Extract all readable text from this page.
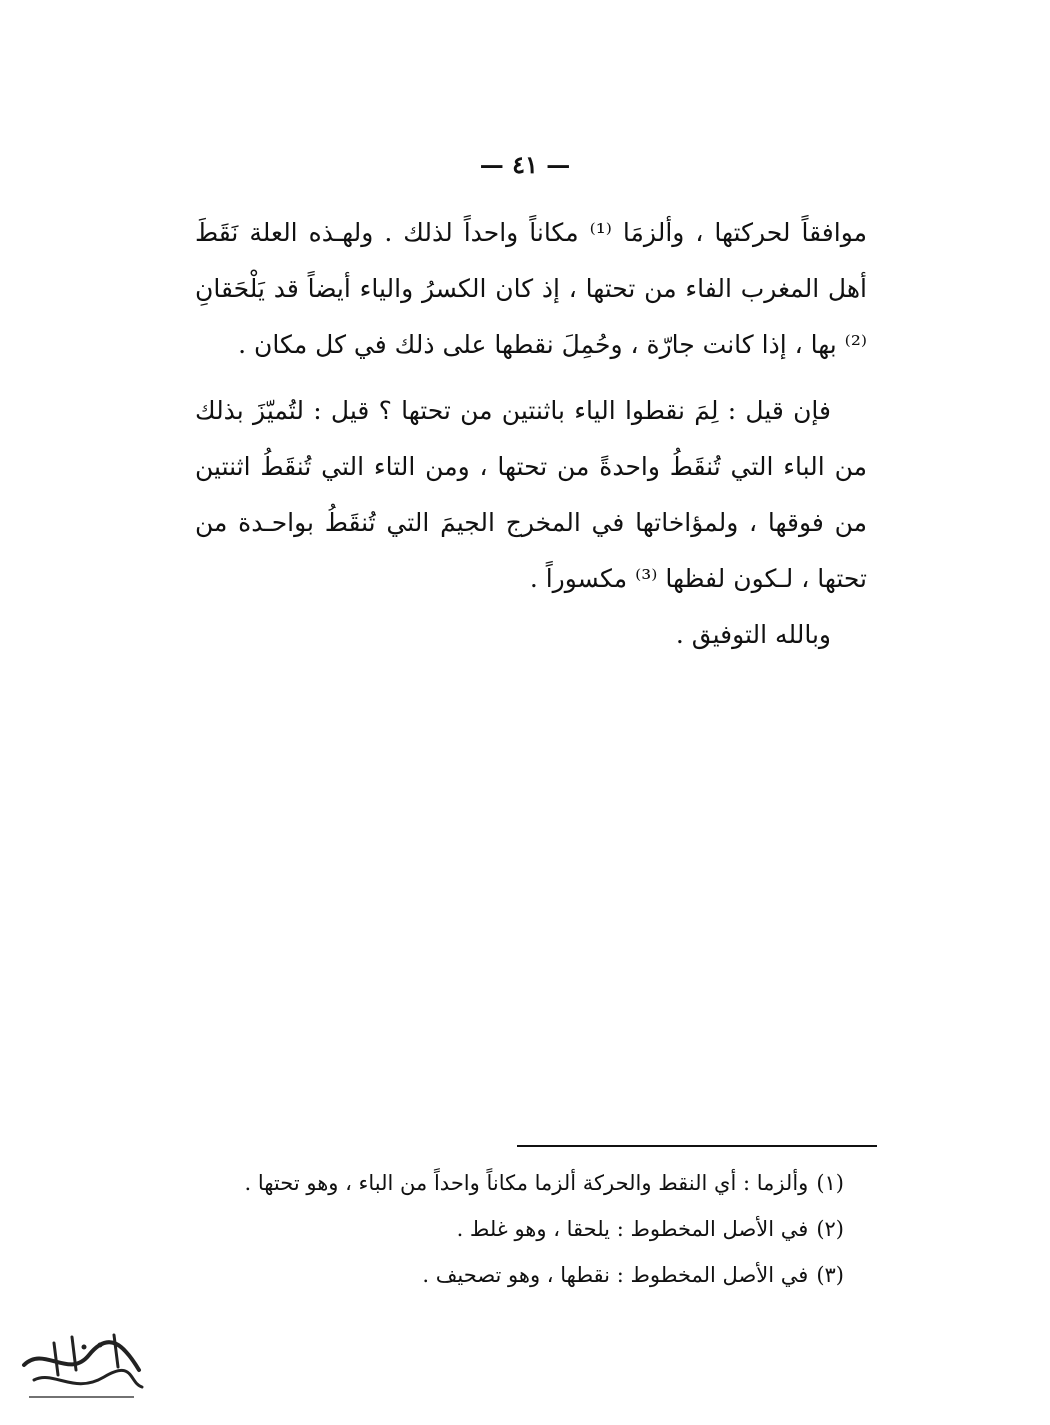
— ٤١ —

موافقاً لحركتها ، وألزمَا ⁽¹⁾ مكاناً واحداً لذلك . ولهـذه العلة نَقَطَ أهل المغرب الفاء من تحتها ، إذ كان الكسرُ والياء أيضاً قد يَلْحَقانِ ⁽²⁾ بها ، إذا كانت جارّة ، وحُمِلَ نقطها على ذلك في كل مكان .

فإن قيل : لِمَ نقطوا الياء باثنتين من تحتها ؟ قيل : لتُميّزَ بذلك من الباء التي تُنقَطُ واحدةً من تحتها ، ومن التاء التي تُنقَطُ اثنتين من فوقها ، ولمؤاخاتها في المخرج الجيمَ التي تُنقَطُ بواحـدة من تحتها ، لـكون لفظها ⁽³⁾ مكسوراً .
وبالله التوفيق .

(١)وألزما : أي النقط والحركة ألزما مكاناً واحداً من الباء ، وهو تحتها .
(٢)في الأصل المخطوط : يلحقا ، وهو غلط .
(٣)في الأصل المخطوط : نقطها ، وهو تصحيف .
